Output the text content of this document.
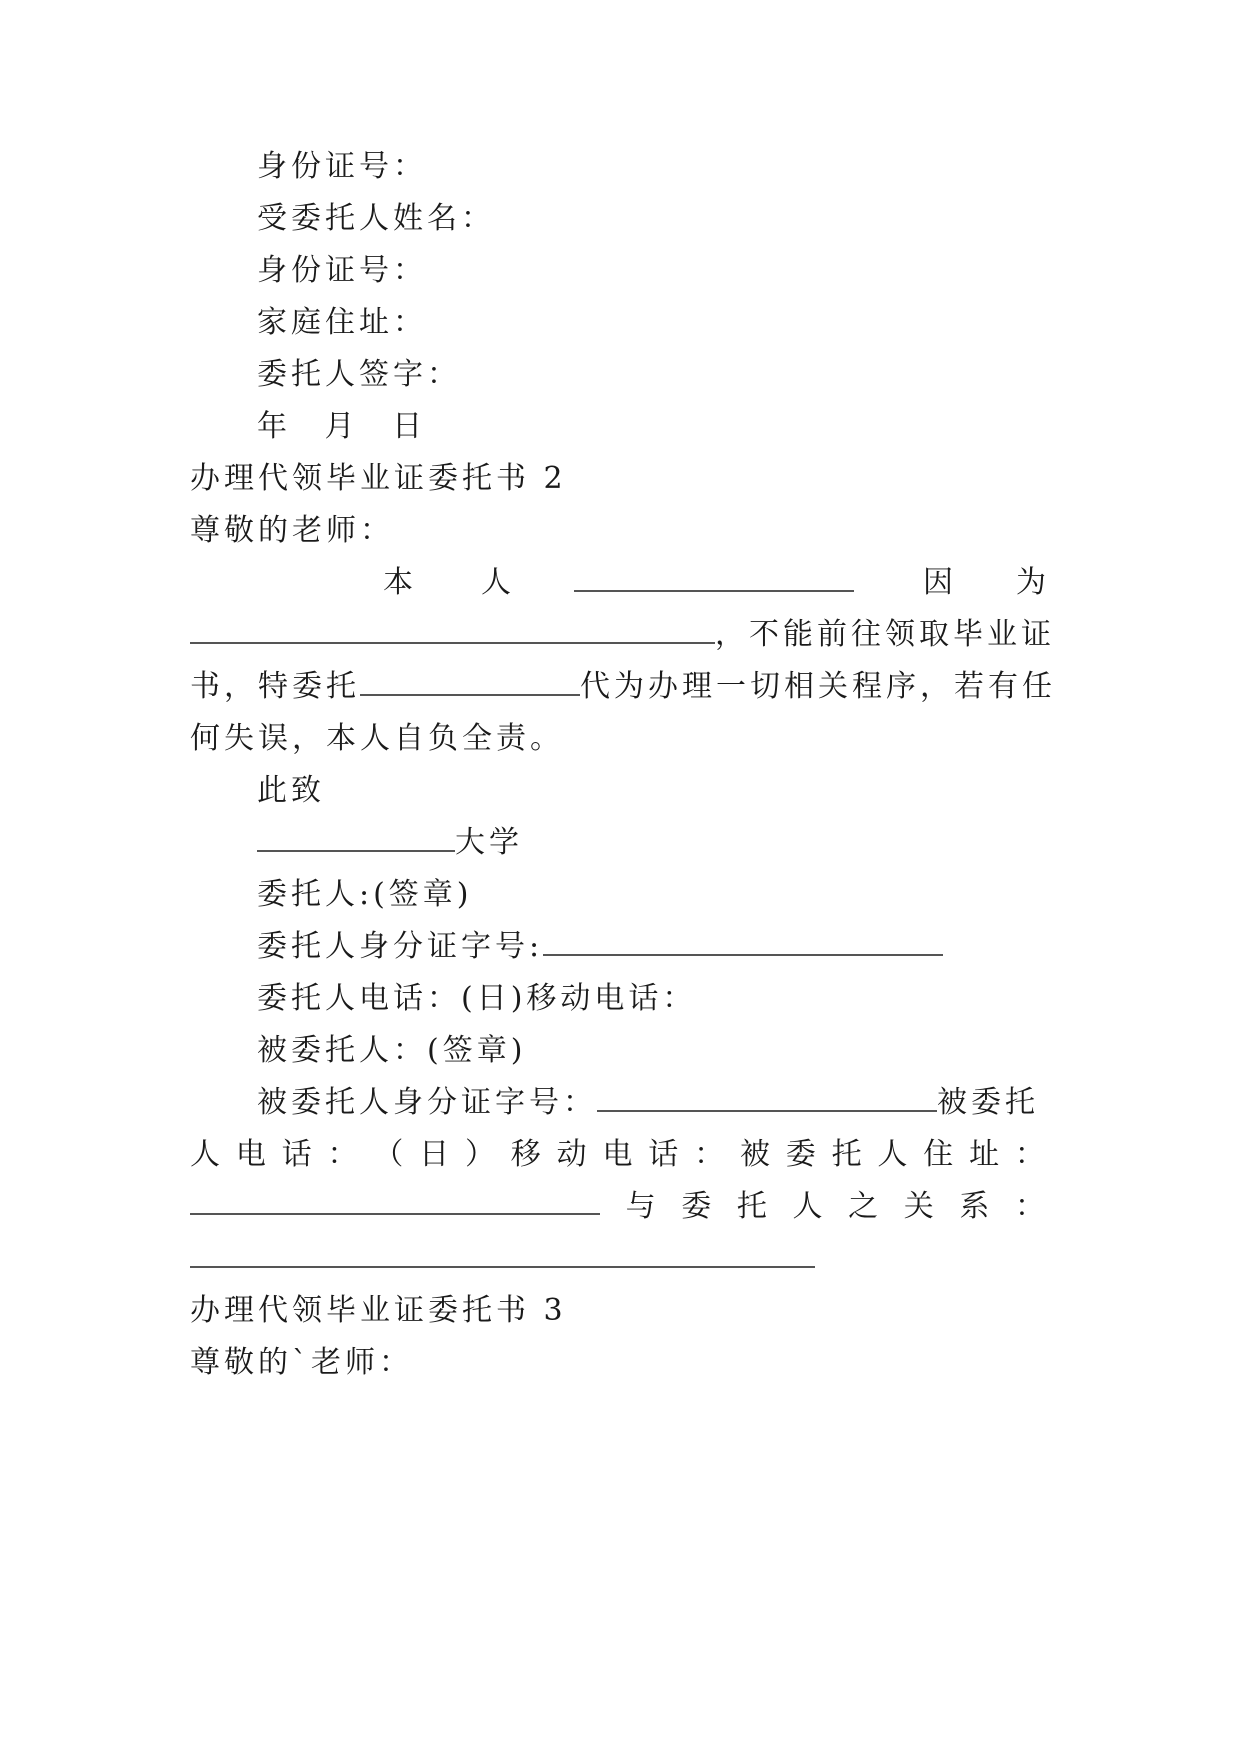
身份证号：
受委托人姓名：
身份证号：
家庭住址：
委托人签字：
年 月 日
办理代领毕业证委托书 2
尊敬的老师：
本 人	因 为
，不能前往领取毕业证
书，特委托	代为办理一切相关程序，若有任
何失误，本人自负全责。
此致
大学
委托人:(签章)
委托人身分证字号:
委托人电话：(日)移动电话：
被委托人：(签章)
被委托人身分证字号：	被委托
人 电 话 ： （ 日 ） 移 动 电 话 ： 被 委 托 人 住 址 ：
与 委 托 人 之 关 系 ：
办理代领毕业证委托书 3
尊敬的`老师：
